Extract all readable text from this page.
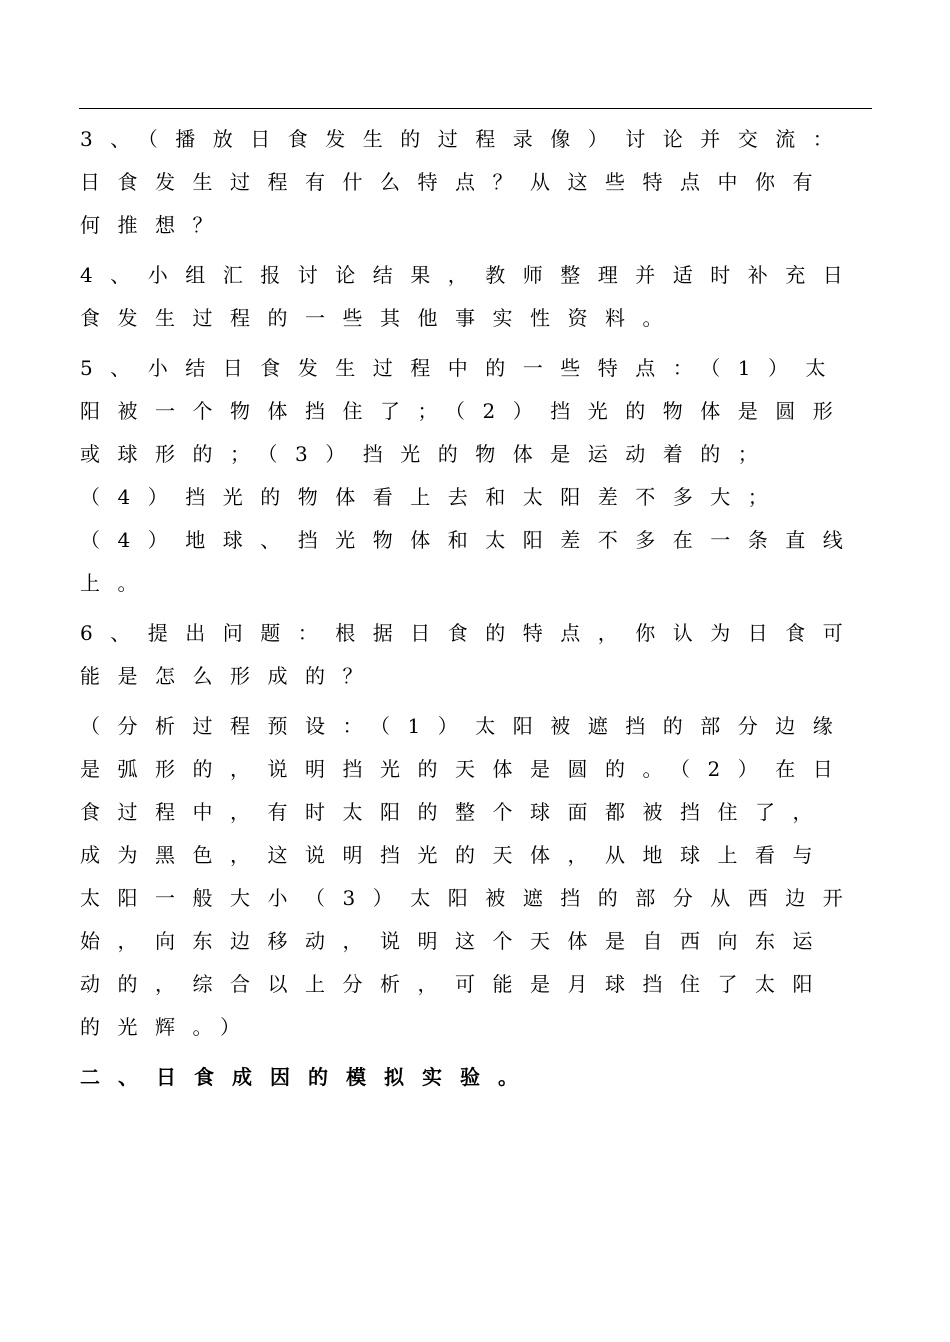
3、（播放日食发生的过程录像）讨论并交流：
日食发生过程有什么特点？从这些特点中你有
何推想？
4、小组汇报讨论结果，教师整理并适时补充日
食发生过程的一些其他事实性资料。
5、小结日食发生过程中的一些特点：（1）太
阳被一个物体挡住了；（2）挡光的物体是圆形
或球形的；（3）挡光的物体是运动着的；
（4）挡光的物体看上去和太阳差不多大；
（4）地球、挡光物体和太阳差不多在一条直线
上。
6、提出问题：根据日食的特点，你认为日食可
能是怎么形成的？
（分析过程预设：（1）太阳被遮挡的部分边缘
是弧形的，说明挡光的天体是圆的。（2）在日
食过程中，有时太阳的整个球面都被挡住了，
成为黑色，这说明挡光的天体，从地球上看与
太阳一般大小（3）太阳被遮挡的部分从西边开
始，向东边移动，说明这个天体是自西向东运
动的，综合以上分析，可能是月球挡住了太阳
的光辉。）
二、日食成因的模拟实验。
